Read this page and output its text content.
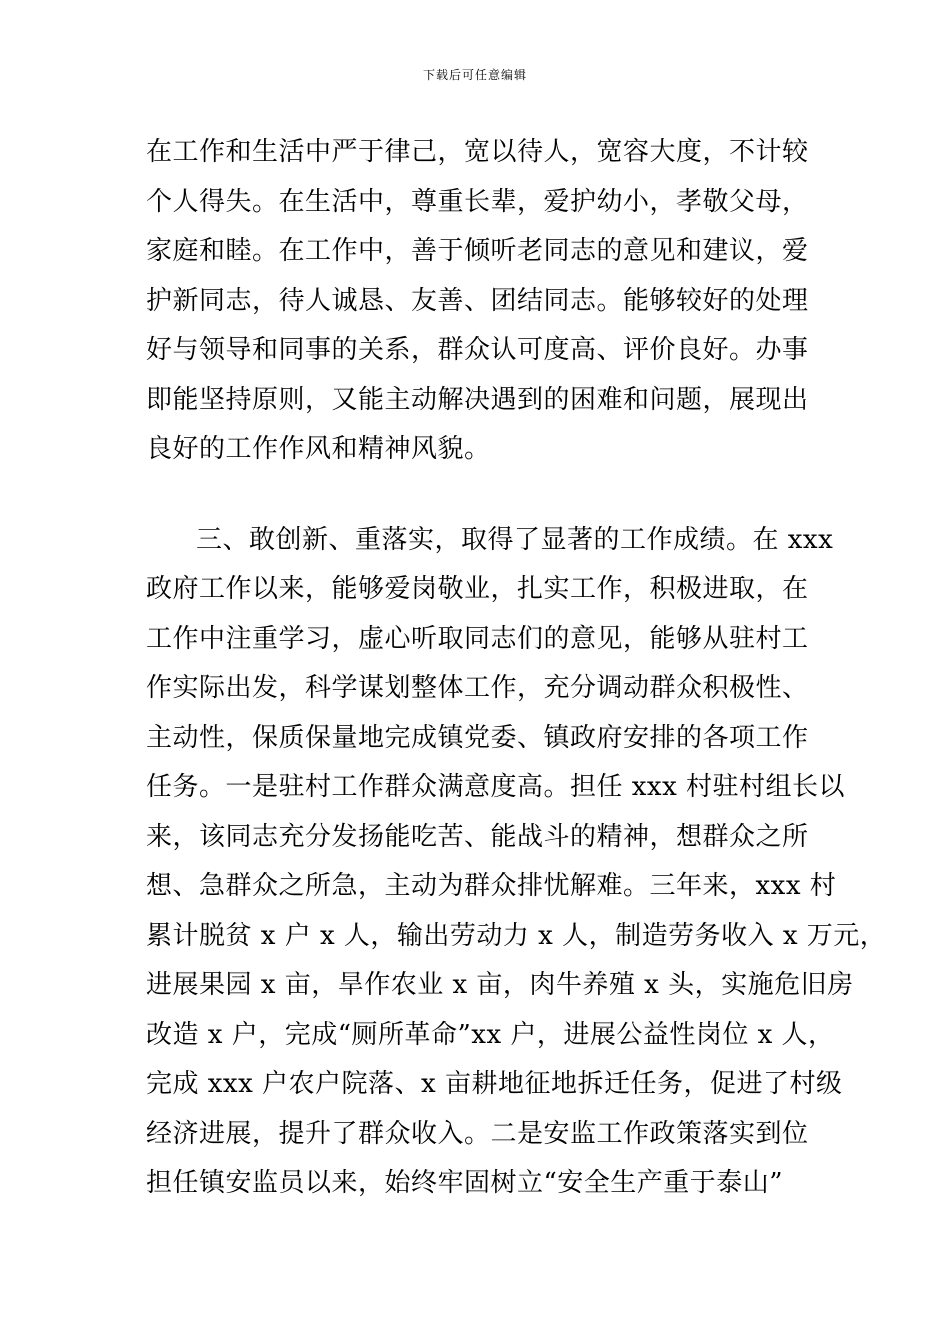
下载后可任意编辑
在工作和生活中严于律己，宽以待人，宽容大度，不计较
个人得失。在生活中，尊重长辈，爱护幼小，孝敬父母，
家庭和睦。在工作中，善于倾听老同志的意见和建议，爱
护新同志，待人诚恳、友善、团结同志。能够较好的处理
好与领导和同事的关系，群众认可度高、评价良好。办事
即能坚持原则，又能主动解决遇到的困难和问题，展现出
良好的工作作风和精神风貌。
三、敢创新、重落实，取得了显著的工作成绩。在 xxx
政府工作以来，能够爱岗敬业，扎实工作，积极进取，在
工作中注重学习，虚心听取同志们的意见，能够从驻村工
作实际出发，科学谋划整体工作，充分调动群众积极性、
主动性，保质保量地完成镇党委、镇政府安排的各项工作
任务。一是驻村工作群众满意度高。担任 xxx 村驻村组长以
来，该同志充分发扬能吃苦、能战斗的精神，想群众之所
想、急群众之所急，主动为群众排忧解难。三年来，xxx 村
累计脱贫 x 户 x 人，输出劳动力 x 人，制造劳务收入 x 万元，
进展果园 x 亩，旱作农业 x 亩，肉牛养殖 x 头，实施危旧房
改造 x 户，完成“厕所革命”xx 户，进展公益性岗位 x 人，
完成 xxx 户农户院落、x 亩耕地征地拆迁任务，促进了村级
经济进展，提升了群众收入。二是安监工作政策落实到位
担任镇安监员以来，始终牢固树立“安全生产重于泰山”
